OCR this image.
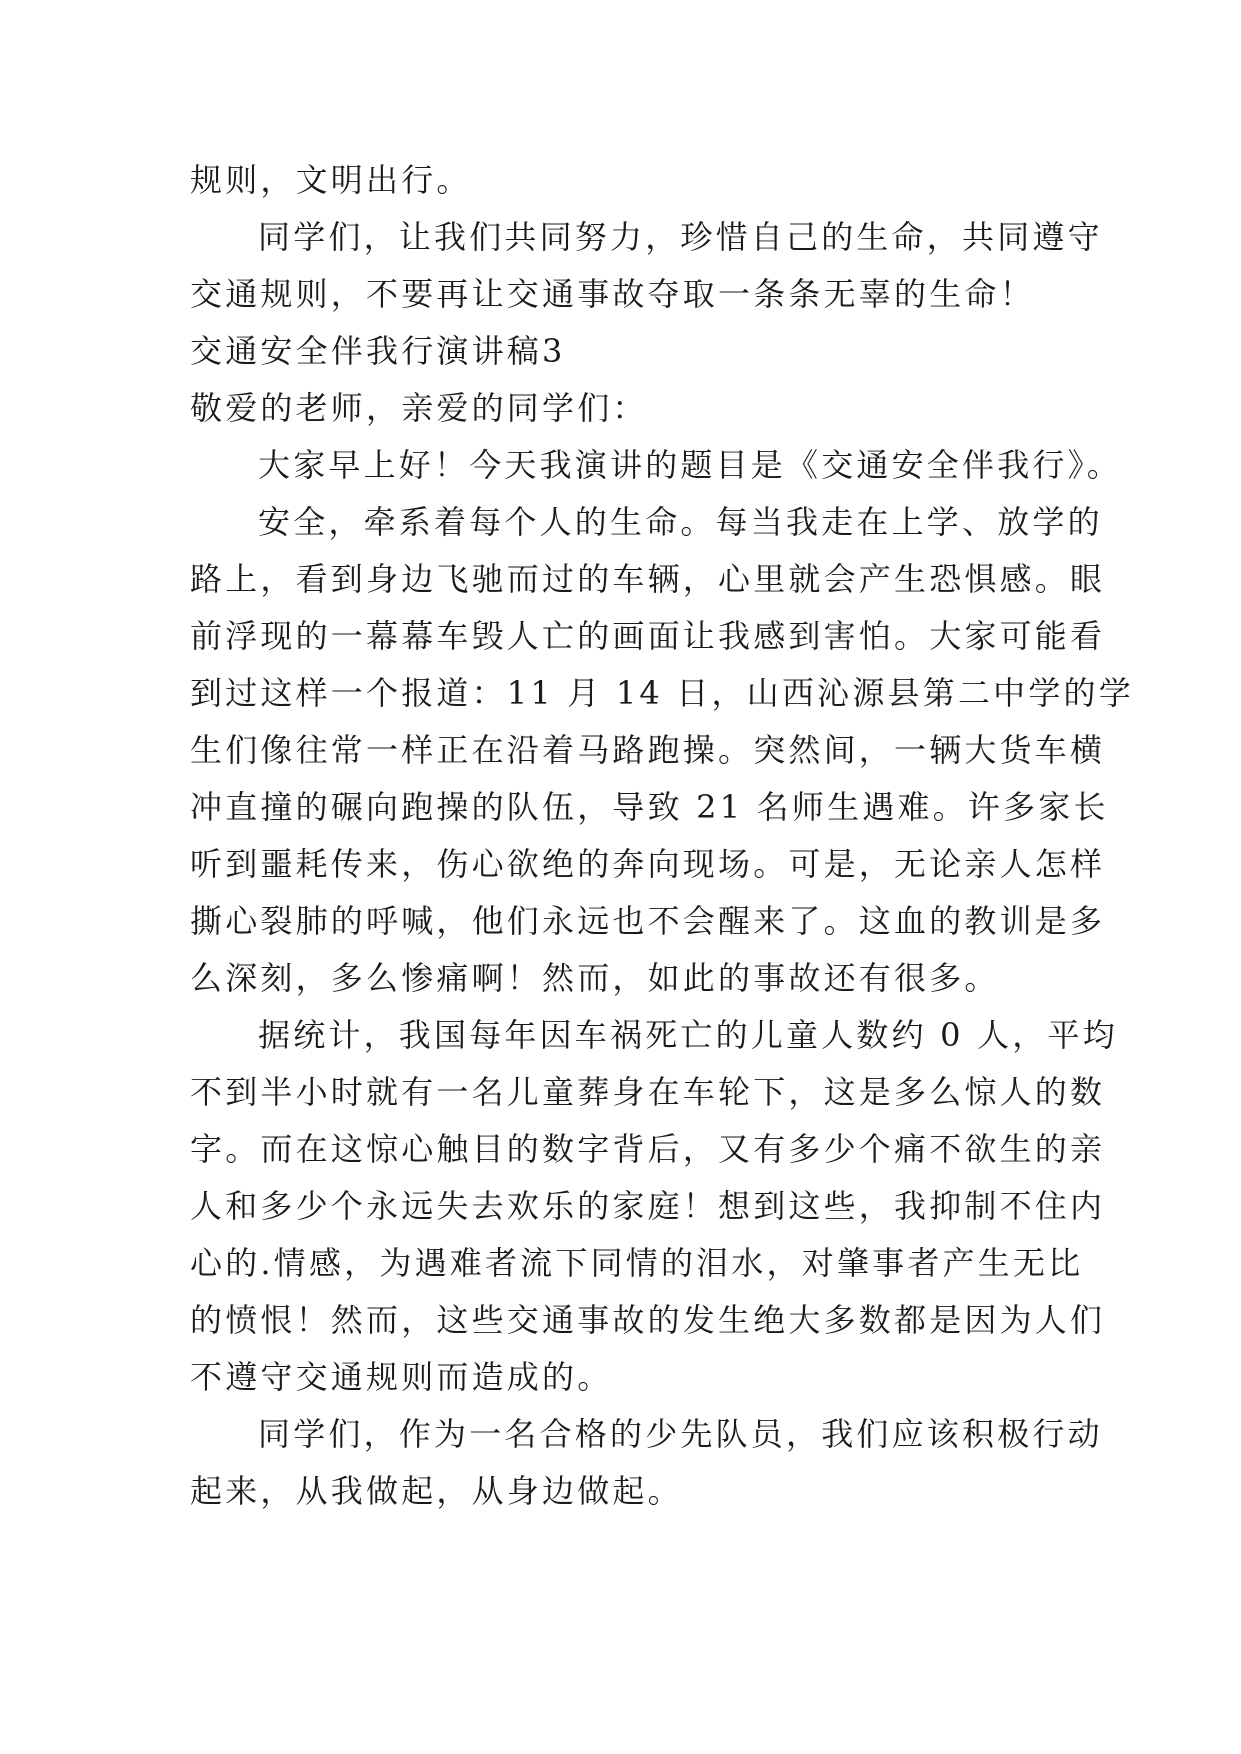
规则，文明出行。
同学们，让我们共同努力，珍惜自己的生命，共同遵守
交通规则，不要再让交通事故夺取一条条无辜的生命！
交通安全伴我行演讲稿3
敬爱的老师，亲爱的同学们：
大家早上好！今天我演讲的题目是《交通安全伴我行》。
安全，牵系着每个人的生命。每当我走在上学、放学的
路上，看到身边飞驰而过的车辆，心里就会产生恐惧感。眼
前浮现的一幕幕车毁人亡的画面让我感到害怕。大家可能看
到过这样一个报道：11 月 14 日，山西沁源县第二中学的学
生们像往常一样正在沿着马路跑操。突然间，一辆大货车横
冲直撞的碾向跑操的队伍，导致 21 名师生遇难。许多家长
听到噩耗传来，伤心欲绝的奔向现场。可是，无论亲人怎样
撕心裂肺的呼喊，他们永远也不会醒来了。这血的教训是多
么深刻，多么惨痛啊！然而，如此的事故还有很多。
据统计，我国每年因车祸死亡的儿童人数约 0 人，平均
不到半小时就有一名儿童葬身在车轮下，这是多么惊人的数
字。而在这惊心触目的数字背后，又有多少个痛不欲生的亲
人和多少个永远失去欢乐的家庭！想到这些，我抑制不住内
心的.情感，为遇难者流下同情的泪水，对肇事者产生无比
的愤恨！然而，这些交通事故的发生绝大多数都是因为人们
不遵守交通规则而造成的。
同学们，作为一名合格的少先队员，我们应该积极行动
起来，从我做起，从身边做起。
